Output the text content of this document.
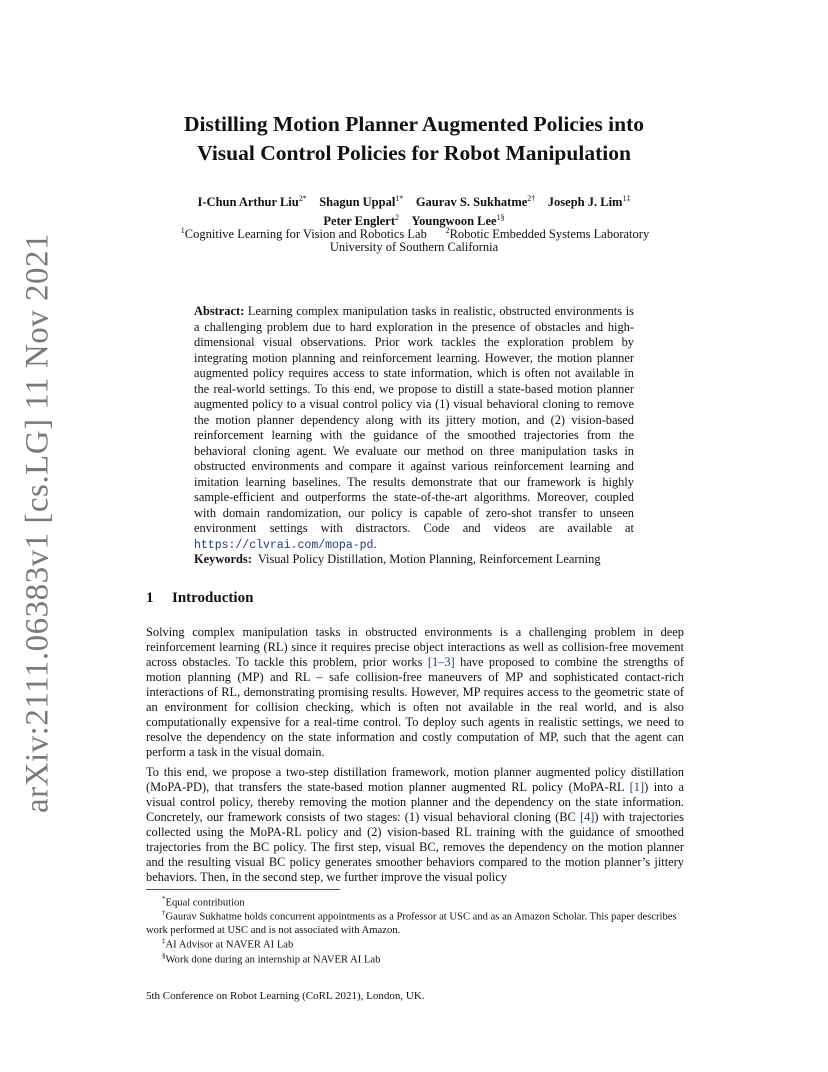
arXiv:2111.06383v1 [cs.LG] 11 Nov 2021
Distilling Motion Planner Augmented Policies into
Visual Control Policies for Robot Manipulation
I-Chun Arthur Liu$^{2*}$ Shagun Uppal$^{1*}$ Gaurav S. Sukhatme$^{2\dagger}$ Joseph J. Lim$^{1\ddagger}$
Peter Englert$^2$ Youngwoon Lee$^{1\S}$
$^1$Cognitive Learning for Vision and Robotics Lab $^2$Robotic Embedded Systems Laboratory
University of Southern California
Abstract: Learning complex manipulation tasks in realistic, obstructed environments is a challenging problem due to hard exploration in the presence of obstacles and high-dimensional visual observations. Prior work tackles the exploration problem by integrating motion planning and reinforcement learning. However, the motion planner augmented policy requires access to state information, which is often not available in the real-world settings. To this end, we propose to distill a state-based motion planner augmented policy to a visual control policy via (1) visual behavioral cloning to remove the motion planner dependency along with its jittery motion, and (2) vision-based reinforcement learning with the guidance of the smoothed trajectories from the behavioral cloning agent. We evaluate our method on three manipulation tasks in obstructed environments and compare it against various reinforcement learning and imitation learning baselines. The results demonstrate that our framework is highly sample-efficient and outperforms the state-of-the-art algorithms. Moreover, coupled with domain randomization, our policy is capable of zero-shot transfer to unseen environment settings with distractors. Code and videos are available at https://clvrai.com/mopa-pd.
Keywords: Visual Policy Distillation, Motion Planning, Reinforcement Learning
1 Introduction
Solving complex manipulation tasks in obstructed environments is a challenging problem in deep reinforcement learning (RL) since it requires precise object interactions as well as collision-free movement across obstacles. To tackle this problem, prior works [1–3] have proposed to combine the strengths of motion planning (MP) and RL – safe collision-free maneuvers of MP and sophisticated contact-rich interactions of RL, demonstrating promising results. However, MP requires access to the geometric state of an environment for collision checking, which is often not available in the real world, and is also computationally expensive for a real-time control. To deploy such agents in realistic settings, we need to resolve the dependency on the state information and costly computation of MP, such that the agent can perform a task in the visual domain.
To this end, we propose a two-step distillation framework, motion planner augmented policy distillation (MoPA-PD), that transfers the state-based motion planner augmented RL policy (MoPA-RL [1]) into a visual control policy, thereby removing the motion planner and the dependency on the state information. Concretely, our framework consists of two stages: (1) visual behavioral cloning (BC [4]) with trajectories collected using the MoPA-RL policy and (2) vision-based RL training with the guidance of smoothed trajectories from the BC policy. The first step, visual BC, removes the dependency on the motion planner and the resulting visual BC policy generates smoother behaviors compared to the motion planner’s jittery behaviors. Then, in the second step, we further improve the visual policy
*Equal contribution
†Gaurav Sukhatme holds concurrent appointments as a Professor at USC and as an Amazon Scholar. This paper describes work performed at USC and is not associated with Amazon.
‡AI Advisor at NAVER AI Lab
§Work done during an internship at NAVER AI Lab
5th Conference on Robot Learning (CoRL 2021), London, UK.
